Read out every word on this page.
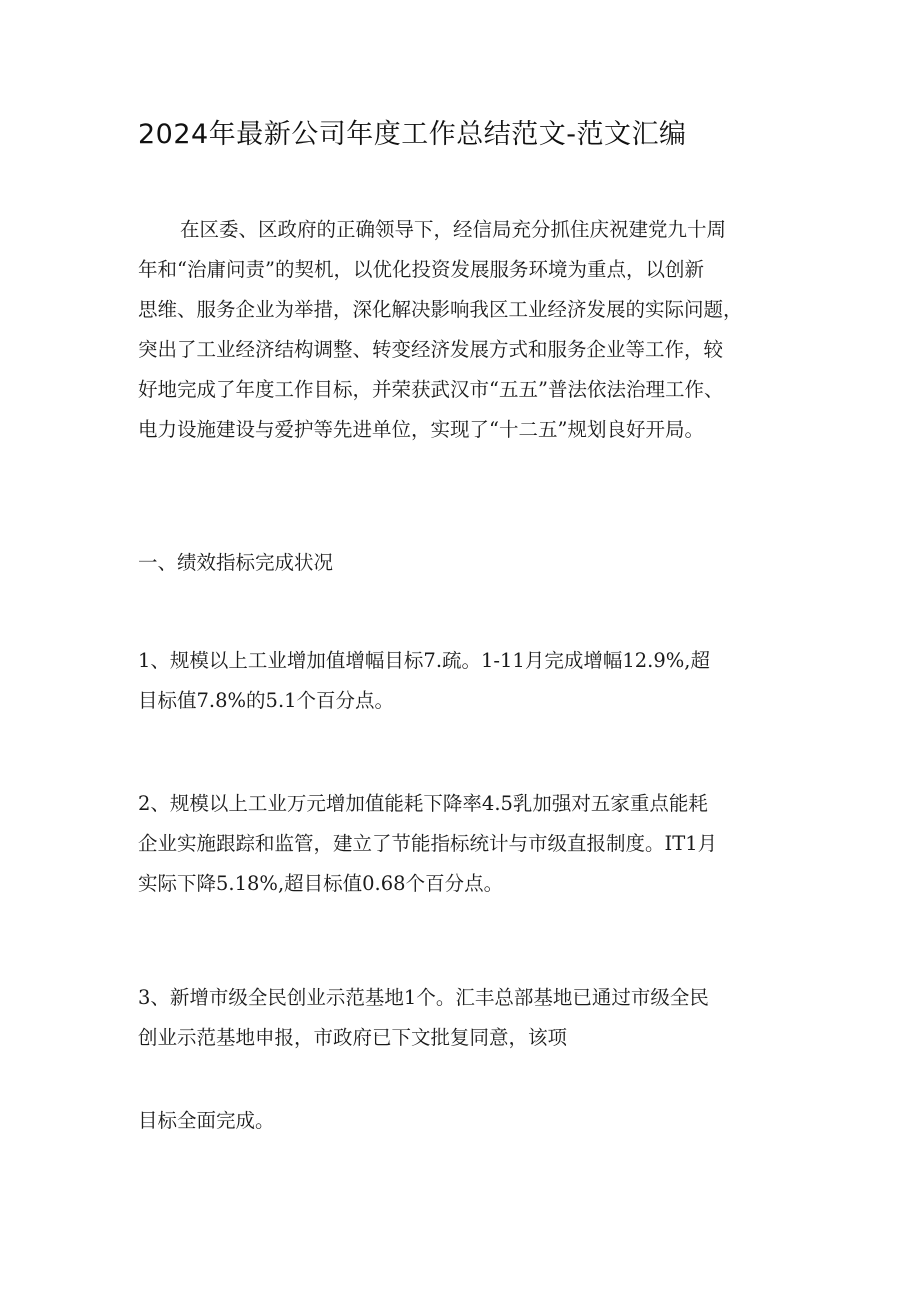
2024年最新公司年度工作总结范文-范文汇编
在区委、区政府的正确领导下，经信局充分抓住庆祝建党九十周
年和“治庸问责”的契机，以优化投资发展服务环境为重点，以创新
思维、服务企业为举措，深化解决影响我区工业经济发展的实际问题，
突出了工业经济结构调整、转变经济发展方式和服务企业等工作，较
好地完成了年度工作目标，并荣获武汉市“五五”普法依法治理工作、
电力设施建设与爱护等先进单位，实现了“十二五”规划良好开局。
一、绩效指标完成状况
1、规模以上工业增加值增幅目标7.疏。1-11月完成增幅12.9%,超
目标值7.8%的5.1个百分点。
2、规模以上工业万元增加值能耗下降率4.5乳加强对五家重点能耗
企业实施跟踪和监管，建立了节能指标统计与市级直报制度。IT1月
实际下降5.18%,超目标值0.68个百分点。
3、新增市级全民创业示范基地1个。汇丰总部基地已通过市级全民
创业示范基地申报，市政府已下文批复同意，该项
目标全面完成。
